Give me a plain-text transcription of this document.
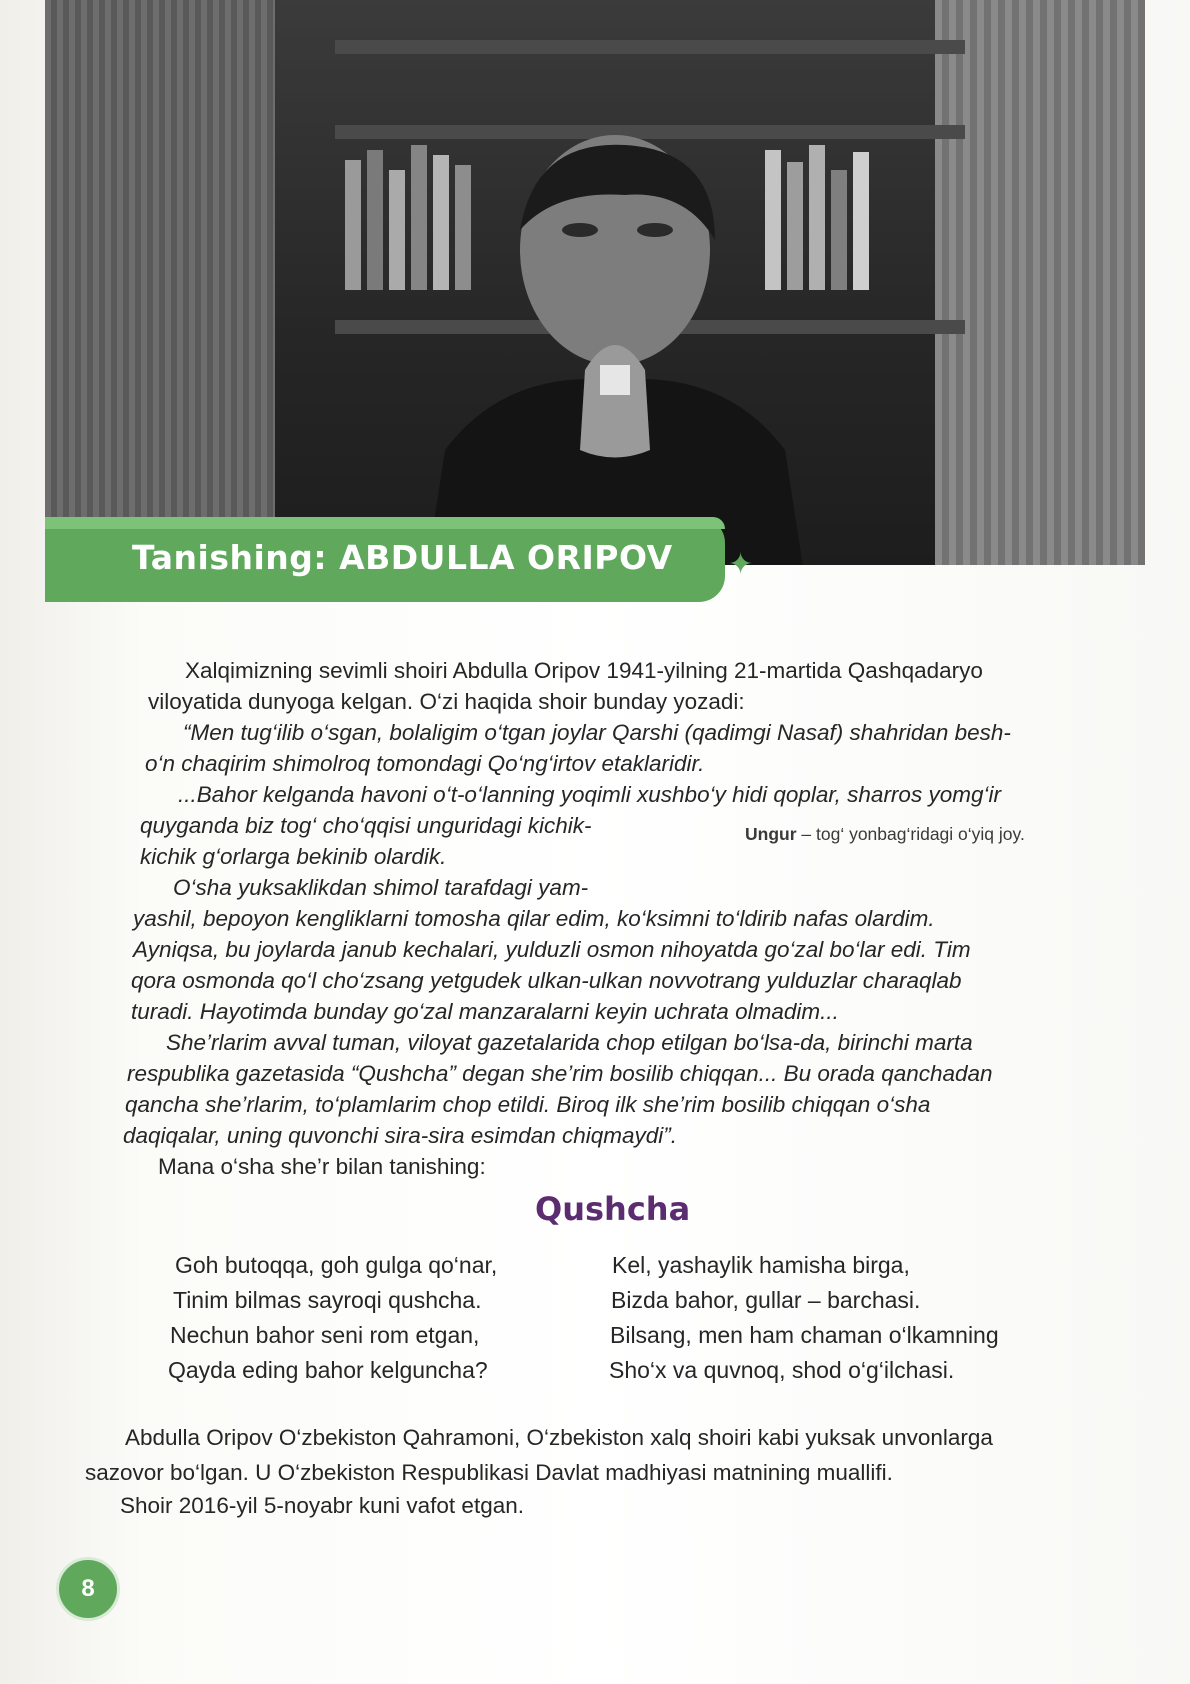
Tanishing: ABDULLA ORIPOV ✦
Xalqimizning sevimli shoiri Abdulla Oripov 1941-yilning 21-martida Qashqadaryo
viloyatida dunyoga kelgan. O‘zi haqida shoir bunday yozadi:
“Men tug‘ilib o‘sgan, bolaligim o‘tgan joylar Qarshi (qadimgi Nasaf) shahridan besh-
o‘n chaqirim shimolroq tomondagi Qo‘ng‘irtov etaklaridir.
...Bahor kelganda havoni o‘t-o‘lanning yoqimli xushbo‘y hidi qoplar, sharros yomg‘ir
quyganda biz tog‘ cho‘qqisi unguridagi kichik-
kichik g‘orlarga bekinib olardik.
Ungur – tog‘ yonbag‘ridagi o‘yiq joy.
O‘sha yuksaklikdan shimol tarafdagi yam-
yashil, bepoyon kengliklarni tomosha qilar edim, ko‘ksimni to‘ldirib nafas olardim.
Ayniqsa, bu joylarda janub kechalari, yulduzli osmon nihoyatda go‘zal bo‘lar edi. Tim
qora osmonda qo‘l cho‘zsang yetgudek ulkan-ulkan novvotrang yulduzlar charaqlab
turadi. Hayotimda bunday go‘zal manzaralarni keyin uchrata olmadim...
She’rlarim avval tuman, viloyat gazetalarida chop etilgan bo‘lsa-da, birinchi marta
respublika gazetasida “Qushcha” degan she’rim bosilib chiqqan... Bu orada qanchadan
qancha she’rlarim, to‘plamlarim chop etildi. Biroq ilk she’rim bosilib chiqqan o‘sha
daqiqalar, uning quvonchi sira-sira esimdan chiqmaydi”.
Mana o‘sha she’r bilan tanishing:
Qushcha
Goh butoqqa, goh gulga qo‘nar,
Tinim bilmas sayroqi qushcha.
Nechun bahor seni rom etgan,
Qayda eding bahor kelguncha?
Kel, yashaylik hamisha birga,
Bizda bahor, gullar – barchasi.
Bilsang, men ham chaman o‘lkamning
Sho‘x va quvnoq, shod o‘g‘ilchasi.
Abdulla Oripov O‘zbekiston Qahramoni, O‘zbekiston xalq shoiri kabi yuksak unvonlarga
sazovor bo‘lgan. U O‘zbekiston Respublikasi Davlat madhiyasi matnining muallifi.
Shoir 2016-yil 5-noyabr kuni vafot etgan.
8
